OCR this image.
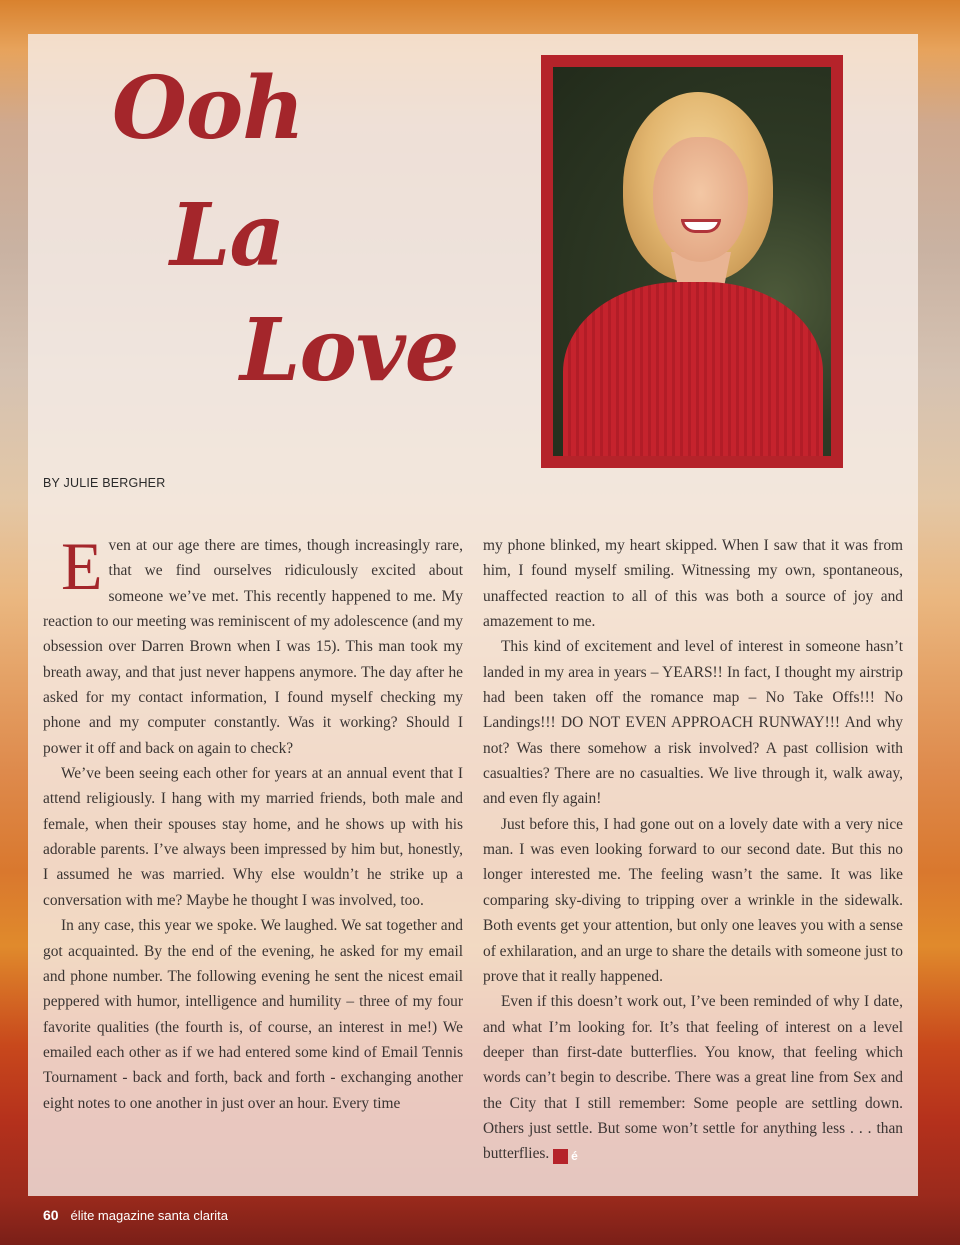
Ooh
La
Love
BY JULIE BERGHER

Even at our age there are times, though increasingly rare, that we find ourselves ridiculously excited about someone we’ve met. This recently happened to me. My reaction to our meeting was reminiscent of my adolescence (and my obsession over Darren Brown when I was 15). This man took my breath away, and that just never happens anymore. The day after he asked for my contact information, I found myself checking my phone and my computer constantly. Was it working? Should I power it off and back on again to check?

We’ve been seeing each other for years at an annual event that I attend religiously. I hang with my married friends, both male and female, when their spouses stay home, and he shows up with his adorable parents. I’ve always been impressed by him but, honestly, I assumed he was married. Why else wouldn’t he strike up a conversation with me? Maybe he thought I was involved, too.

In any case, this year we spoke. We laughed. We sat together and got acquainted. By the end of the evening, he asked for my email and phone number. The following evening he sent the nicest email peppered with humor, intelligence and humility – three of my four favorite qualities (the fourth is, of course, an interest in me!) We emailed each other as if we had entered some kind of Email Tennis Tournament - back and forth, back and forth - exchanging another eight notes to one another in just over an hour. Every time

my phone blinked, my heart skipped. When I saw that it was from him, I found myself smiling. Witnessing my own, spontaneous, unaffected reaction to all of this was both a source of joy and amazement to me.

This kind of excitement and level of interest in someone hasn’t landed in my area in years – YEARS!! In fact, I thought my airstrip had been taken off the romance map – No Take Offs!!! No Landings!!! DO NOT EVEN APPROACH RUNWAY!!! And why not? Was there somehow a risk involved? A past collision with casualties? There are no casualties. We live through it, walk away, and even fly again!

Just before this, I had gone out on a lovely date with a very nice man. I was even looking forward to our second date. But this no longer interested me. The feeling wasn’t the same. It was like comparing sky-diving to tripping over a wrinkle in the sidewalk. Both events get your attention, but only one leaves you with a sense of exhilaration, and an urge to share the details with someone just to prove that it really happened.

Even if this doesn’t work out, I’ve been reminded of why I date, and what I’m looking for. It’s that feeling of interest on a level deeper than first-date butterflies. You know, that feeling which words can’t begin to describe. There was a great line from Sex and the City that I still remember: Some people are settling down. Others just settle. But some won’t settle for anything less . . . than butterflies. é

60 élite magazine santa clarita
